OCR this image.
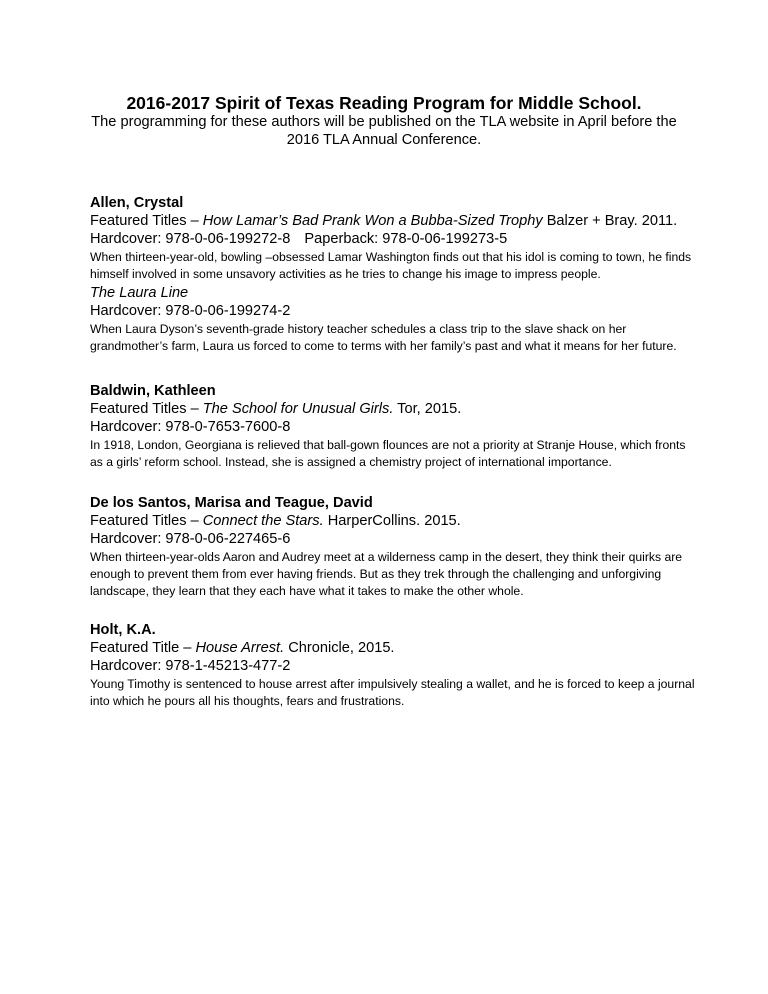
2016-2017 Spirit of Texas Reading Program for Middle School.

The programming for these authors will be published on the TLA website in April before the 2016 TLA Annual Conference.

Allen, Crystal

Featured Titles – How Lamar’s Bad Prank Won a Bubba-Sized Trophy Balzer + Bray. 2011.

Hardcover: 978-0-06-199272-8 Paperback: 978-0-06-199273-5

When thirteen-year-old, bowling –obsessed Lamar Washington finds out that his idol is coming to town, he finds himself involved in some unsavory activities as he tries to change his image to impress people.

The Laura Line

Hardcover: 978-0-06-199274-2

When Laura Dyson’s seventh-grade history teacher schedules a class trip to the slave shack on her grandmother’s farm, Laura us forced to come to terms with her family’s past and what it means for her future.

Baldwin, Kathleen

Featured Titles – The School for Unusual Girls. Tor, 2015.

Hardcover: 978-0-7653-7600-8

In 1918, London, Georgiana is relieved that ball-gown flounces are not a priority at Stranje House, which fronts as a girls’ reform school. Instead, she is assigned a chemistry project of international importance.

De los Santos, Marisa and Teague, David

Featured Titles – Connect the Stars. HarperCollins. 2015.

Hardcover: 978-0-06-227465-6

When thirteen-year-olds Aaron and Audrey meet at a wilderness camp in the desert, they think their quirks are enough to prevent them from ever having friends. But as they trek through the challenging and unforgiving landscape, they learn that they each have what it takes to make the other whole.

Holt, K.A.

Featured Title – House Arrest. Chronicle, 2015.

Hardcover: 978-1-45213-477-2

Young Timothy is sentenced to house arrest after impulsively stealing a wallet, and he is forced to keep a journal into which he pours all his thoughts, fears and frustrations.
